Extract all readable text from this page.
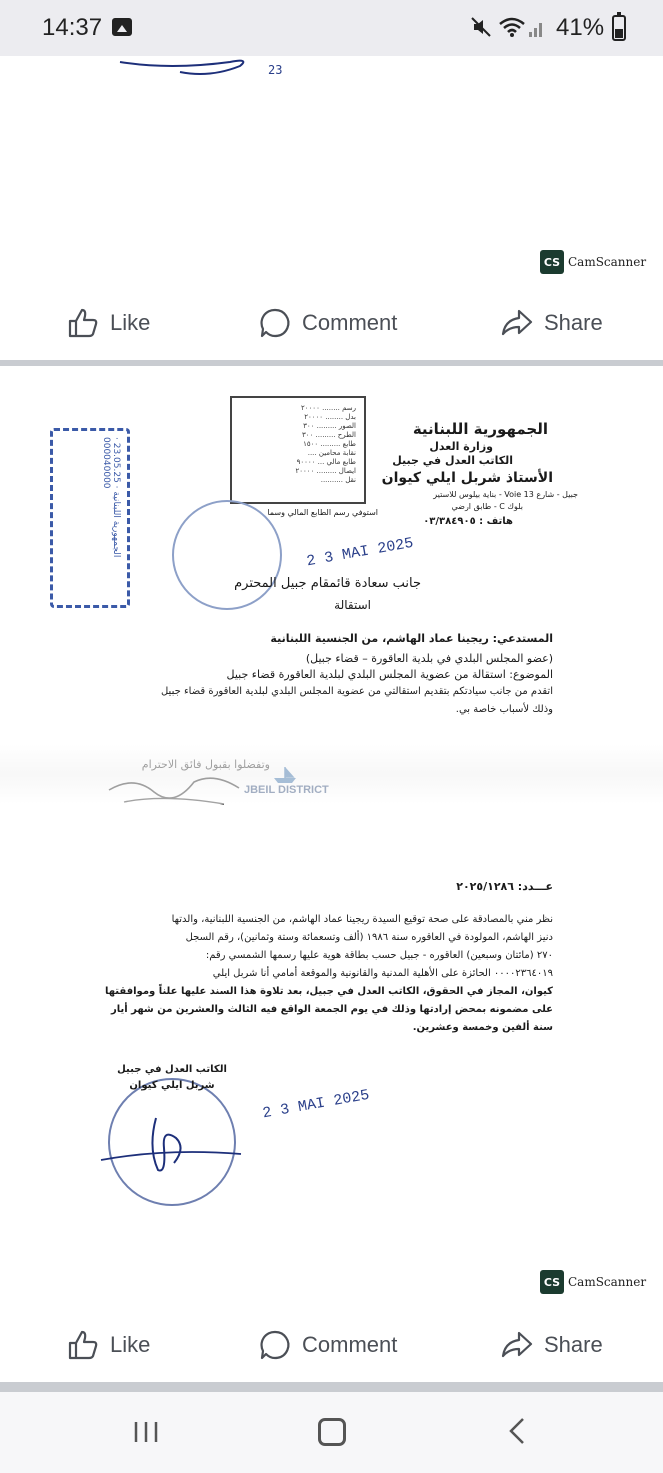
14:37	41%
23
CS CamScanner
Like	Comment	Share
الجمهورية اللبنانية
وزارة العدل
الكاتب العدل في جبيل
الأستاذ شربل ايلي كيوان
جبيل - شارع Voie 13 - بناية بيلوس للاستير
بلوك C - طابق ارضي
هاتف : ٠٣/٣٨٤٩٠٥
رسم ........ ٢٠٠٠٠
بدل ........ ٢٠٠٠٠
الصور ......... ٣٠٠
الطرح ......... ٣٠٠
طابع ......... ١٥٠٠
نقابة محامين ....
طابع مالي ... ٩٠٠٠٠
ايصال ......... ٢٠٠٠٠
نقل ..........
استوفي رسم الطابع المالي وسما
الجمهورية اللبنانية · 23.05.25 · 000040000
2 3 MAI 2025
جانب سعادة قائمقام جبيل المحترم
استقالة
المستدعي: ريجينا عماد الهاشم، من الجنسية اللبنانية
(عضو المجلس البلدي في بلدية العاقورة – قضاء جبيل)
الموضوع: استقالة من عضوية المجلس البلدي لبلدية العاقورة قضاء جبيل
اتقدم من جانب سيادتكم بتقديم استقالتي من عضوية المجلس البلدي لبلدية العاقورة قضاء جبيل
وذلك لأسباب خاصة بي.
عـــدد: ٢٠٢٥/١٢٨٦
نظر مني بالمصادقة على صحة توقيع السيدة ريجينا عماد الهاشم، من الجنسية اللبنانية، والدتها
دنيز الهاشم، المولودة في العاقوره سنة ١٩٨٦ (ألف وتسعمائة وستة وثمانين)، رقم السجل
٢٧٠ (مائتان وسبعين) العاقوره - جبيل حسب بطاقة هوية عليها رسمها الشمسي رقم:
٠٠٠٠٢٣٦٤٠١٩ الحائزة على الأهلية المدنية والقانونية والموقعة أمامي أنا شربل ايلي
كيوان، المجاز في الحقوق، الكاتب العدل في جبيل، بعد تلاوة هذا السند عليها علناً وموافقتها
على مضمونه بمحض إرادتها وذلك في يوم الجمعة الواقع فيه الثالث والعشرين من شهر أيار
سنة ألفين وخمسة وعشرين.
الكاتب العدل في جبيل
شربل ايلي كيوان
2 3 MAI 2025
CS CamScanner
Like	Comment	Share
